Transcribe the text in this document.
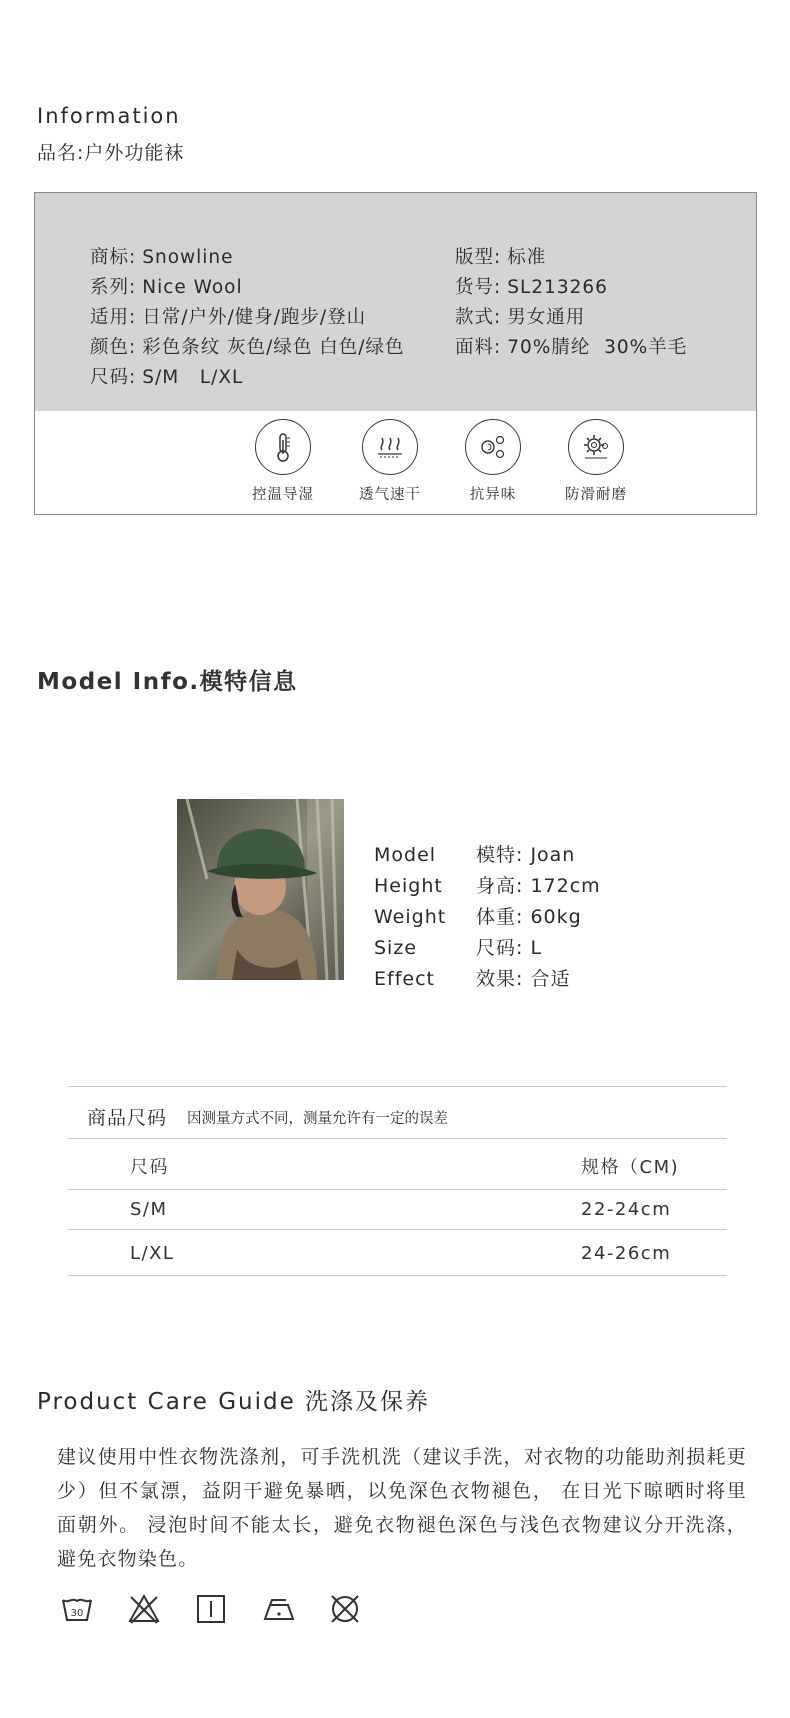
Information
品名:户外功能袜
商标: Snowline
系列: Nice Wool
适用: 日常/户外/健身/跑步/登山
颜色: 彩色条纹 灰色/绿色 白色/绿色
尺码: S/M   L/XL
版型: 标准
货号: SL213266
款式: 男女通用
面料: 70%腈纶  30%羊毛
控温导湿	透气速干	抗异味	防滑耐磨
Model Info.模特信息
Model 模特: Joan
Height 身高: 172cm
Weight 体重: 60kg
Size	尺码: L
Effect 效果: 合适
商品尺码 因测量方式不同，测量允许有一定的误差
尺码	规格（CM)
S/M	22-24cm
L/XL	24-26cm
Product Care Guide 洗涤及保养
建议使用中性衣物洗涤剂，可手洗机洗（建议手洗，对衣物的功能助剂损耗更少）但不氯漂，益阴干避免暴晒，以免深色衣物褪色， 在日光下晾晒时将里面朝外。 浸泡时间不能太长，避免衣物褪色深色与浅色衣物建议分开洗涤，避免衣物染色。
30
